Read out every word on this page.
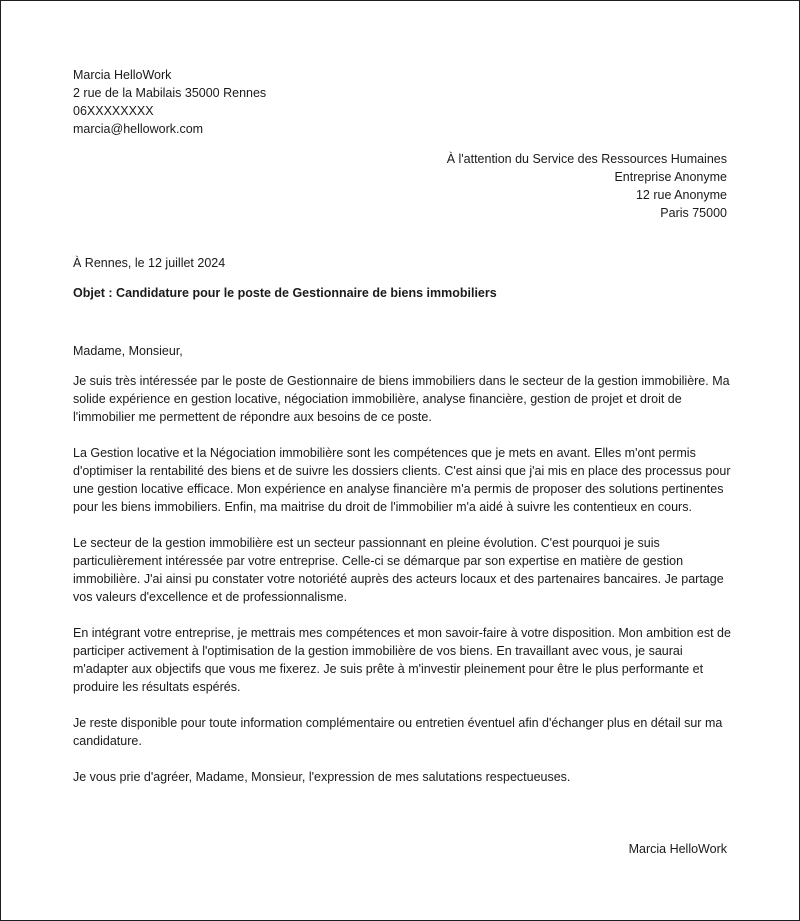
Marcia HelloWork
2 rue de la Mabilais 35000 Rennes
06XXXXXXXX
marcia@hellowork.com
À l'attention du Service des Ressources Humaines
Entreprise Anonyme
12 rue Anonyme
Paris 75000
À Rennes, le 12 juillet 2024
Objet : Candidature pour le poste de Gestionnaire de biens immobiliers
Madame, Monsieur,

Je suis très intéressée par le poste de Gestionnaire de biens immobiliers dans le secteur de la gestion immobilière. Ma solide expérience en gestion locative, négociation immobilière, analyse financière, gestion de projet et droit de l'immobilier me permettent de répondre aux besoins de ce poste.

La Gestion locative et la Négociation immobilière sont les compétences que je mets en avant. Elles m'ont permis d'optimiser la rentabilité des biens et de suivre les dossiers clients. C'est ainsi que j'ai mis en place des processus pour une gestion locative efficace. Mon expérience en analyse financière m'a permis de proposer des solutions pertinentes pour les biens immobiliers. Enfin, ma maitrise du droit de l'immobilier m'a aidé à suivre les contentieux en cours.

Le secteur de la gestion immobilière est un secteur passionnant en pleine évolution. C'est pourquoi je suis particulièrement intéressée par votre entreprise. Celle-ci se démarque par son expertise en matière de gestion immobilière. J'ai ainsi pu constater votre notoriété auprès des acteurs locaux et des partenaires bancaires. Je partage vos valeurs d'excellence et de professionnalisme.

En intégrant votre entreprise, je mettrais mes compétences et mon savoir-faire à votre disposition. Mon ambition est de participer activement à l'optimisation de la gestion immobilière de vos biens. En travaillant avec vous, je saurai m'adapter aux objectifs que vous me fixerez. Je suis prête à m'investir pleinement pour être le plus performante et produire les résultats espérés.

Je reste disponible pour toute information complémentaire ou entretien éventuel afin d'échanger plus en détail sur ma candidature.

Je vous prie d'agréer, Madame, Monsieur, l'expression de mes salutations respectueuses.

Marcia HelloWork
